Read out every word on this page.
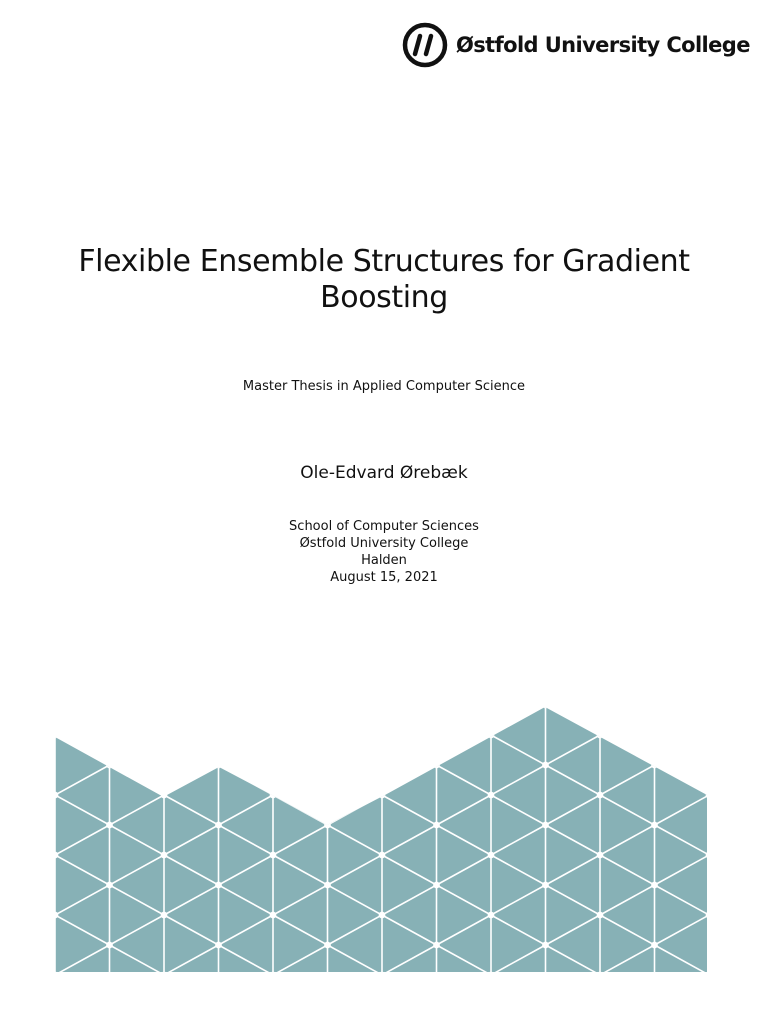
Østfold University College
Flexible Ensemble Structures for Gradient Boosting
Master Thesis in Applied Computer Science
Ole-Edvard Ørebæk
School of Computer Sciences
Østfold University College
Halden
August 15, 2021
